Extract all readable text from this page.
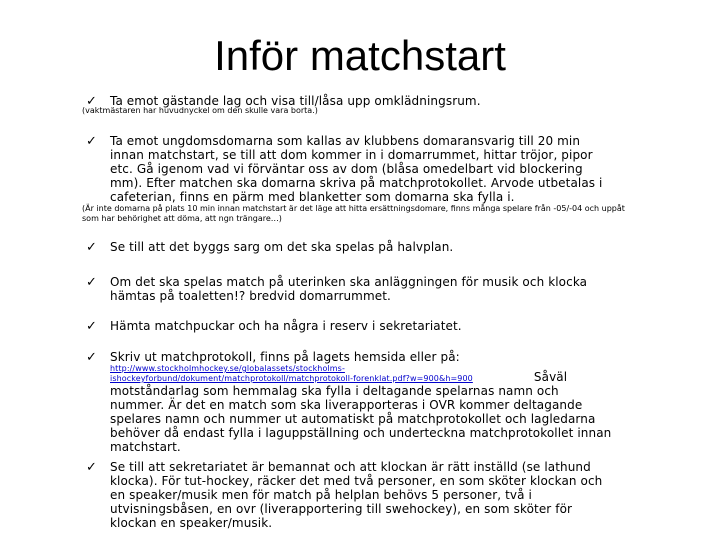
Inför matchstart
✓ Ta emot gästande lag och visa till/låsa upp omklädningsrum.
(vaktmästaren har huvudnyckel om den skulle vara borta.)
✓ Ta emot ungdomsdomarna som kallas av klubbens domaransvarig till 20 min innan matchstart, se till att dom kommer in i domarrummet, hittar tröjor, pipor etc. Gå igenom vad vi förväntar oss av dom (blåsa omedelbart vid blockering mm). Efter matchen ska domarna skriva på matchprotokollet. Arvode utbetalas i cafeterian, finns en pärm med blanketter som domarna ska fylla i.
(Är inte domarna på plats 10 min innan matchstart är det läge att hitta ersättningsdomare, finns många spelare från -05/-04 och uppåt som har behörighet att döma, att ngn trängare…)
✓ Se till att det byggs sarg om det ska spelas på halvplan.
✓ Om det ska spelas match på uterinken ska anläggningen för musik och klocka hämtas på toaletten!? bredvid domarrummet.
✓ Hämta matchpuckar och ha några i reserv i sekretariatet.
✓ Skriv ut matchprotokoll, finns på lagets hemsida eller på:
http://www.stockholmhockey.se/globalassets/stockholms-ishockeyforbund/dokument/matchprotokoll/matchprotokoll-forenklat.pdf?w=900&h=900	Såväl motståndarlag som hemmalag ska fylla i deltagande spelarnas namn och nummer. Är det en match som ska liverapporteras i OVR kommer deltagande spelares namn och nummer ut automatiskt på matchprotokollet och lagledarna behöver då endast fylla i laguppställning och underteckna matchprotokollet innan matchstart.
✓ Se till att sekretariatet är bemannat och att klockan är rätt inställd (se lathund klocka). För tut-hockey, räcker det med två personer, en som sköter klockan och en speaker/musik men för match på helplan behövs 5 personer, två i utvisningsbåsen, en ovr (liverapportering till swehockey), en som sköter för klockan en speaker/musik.
